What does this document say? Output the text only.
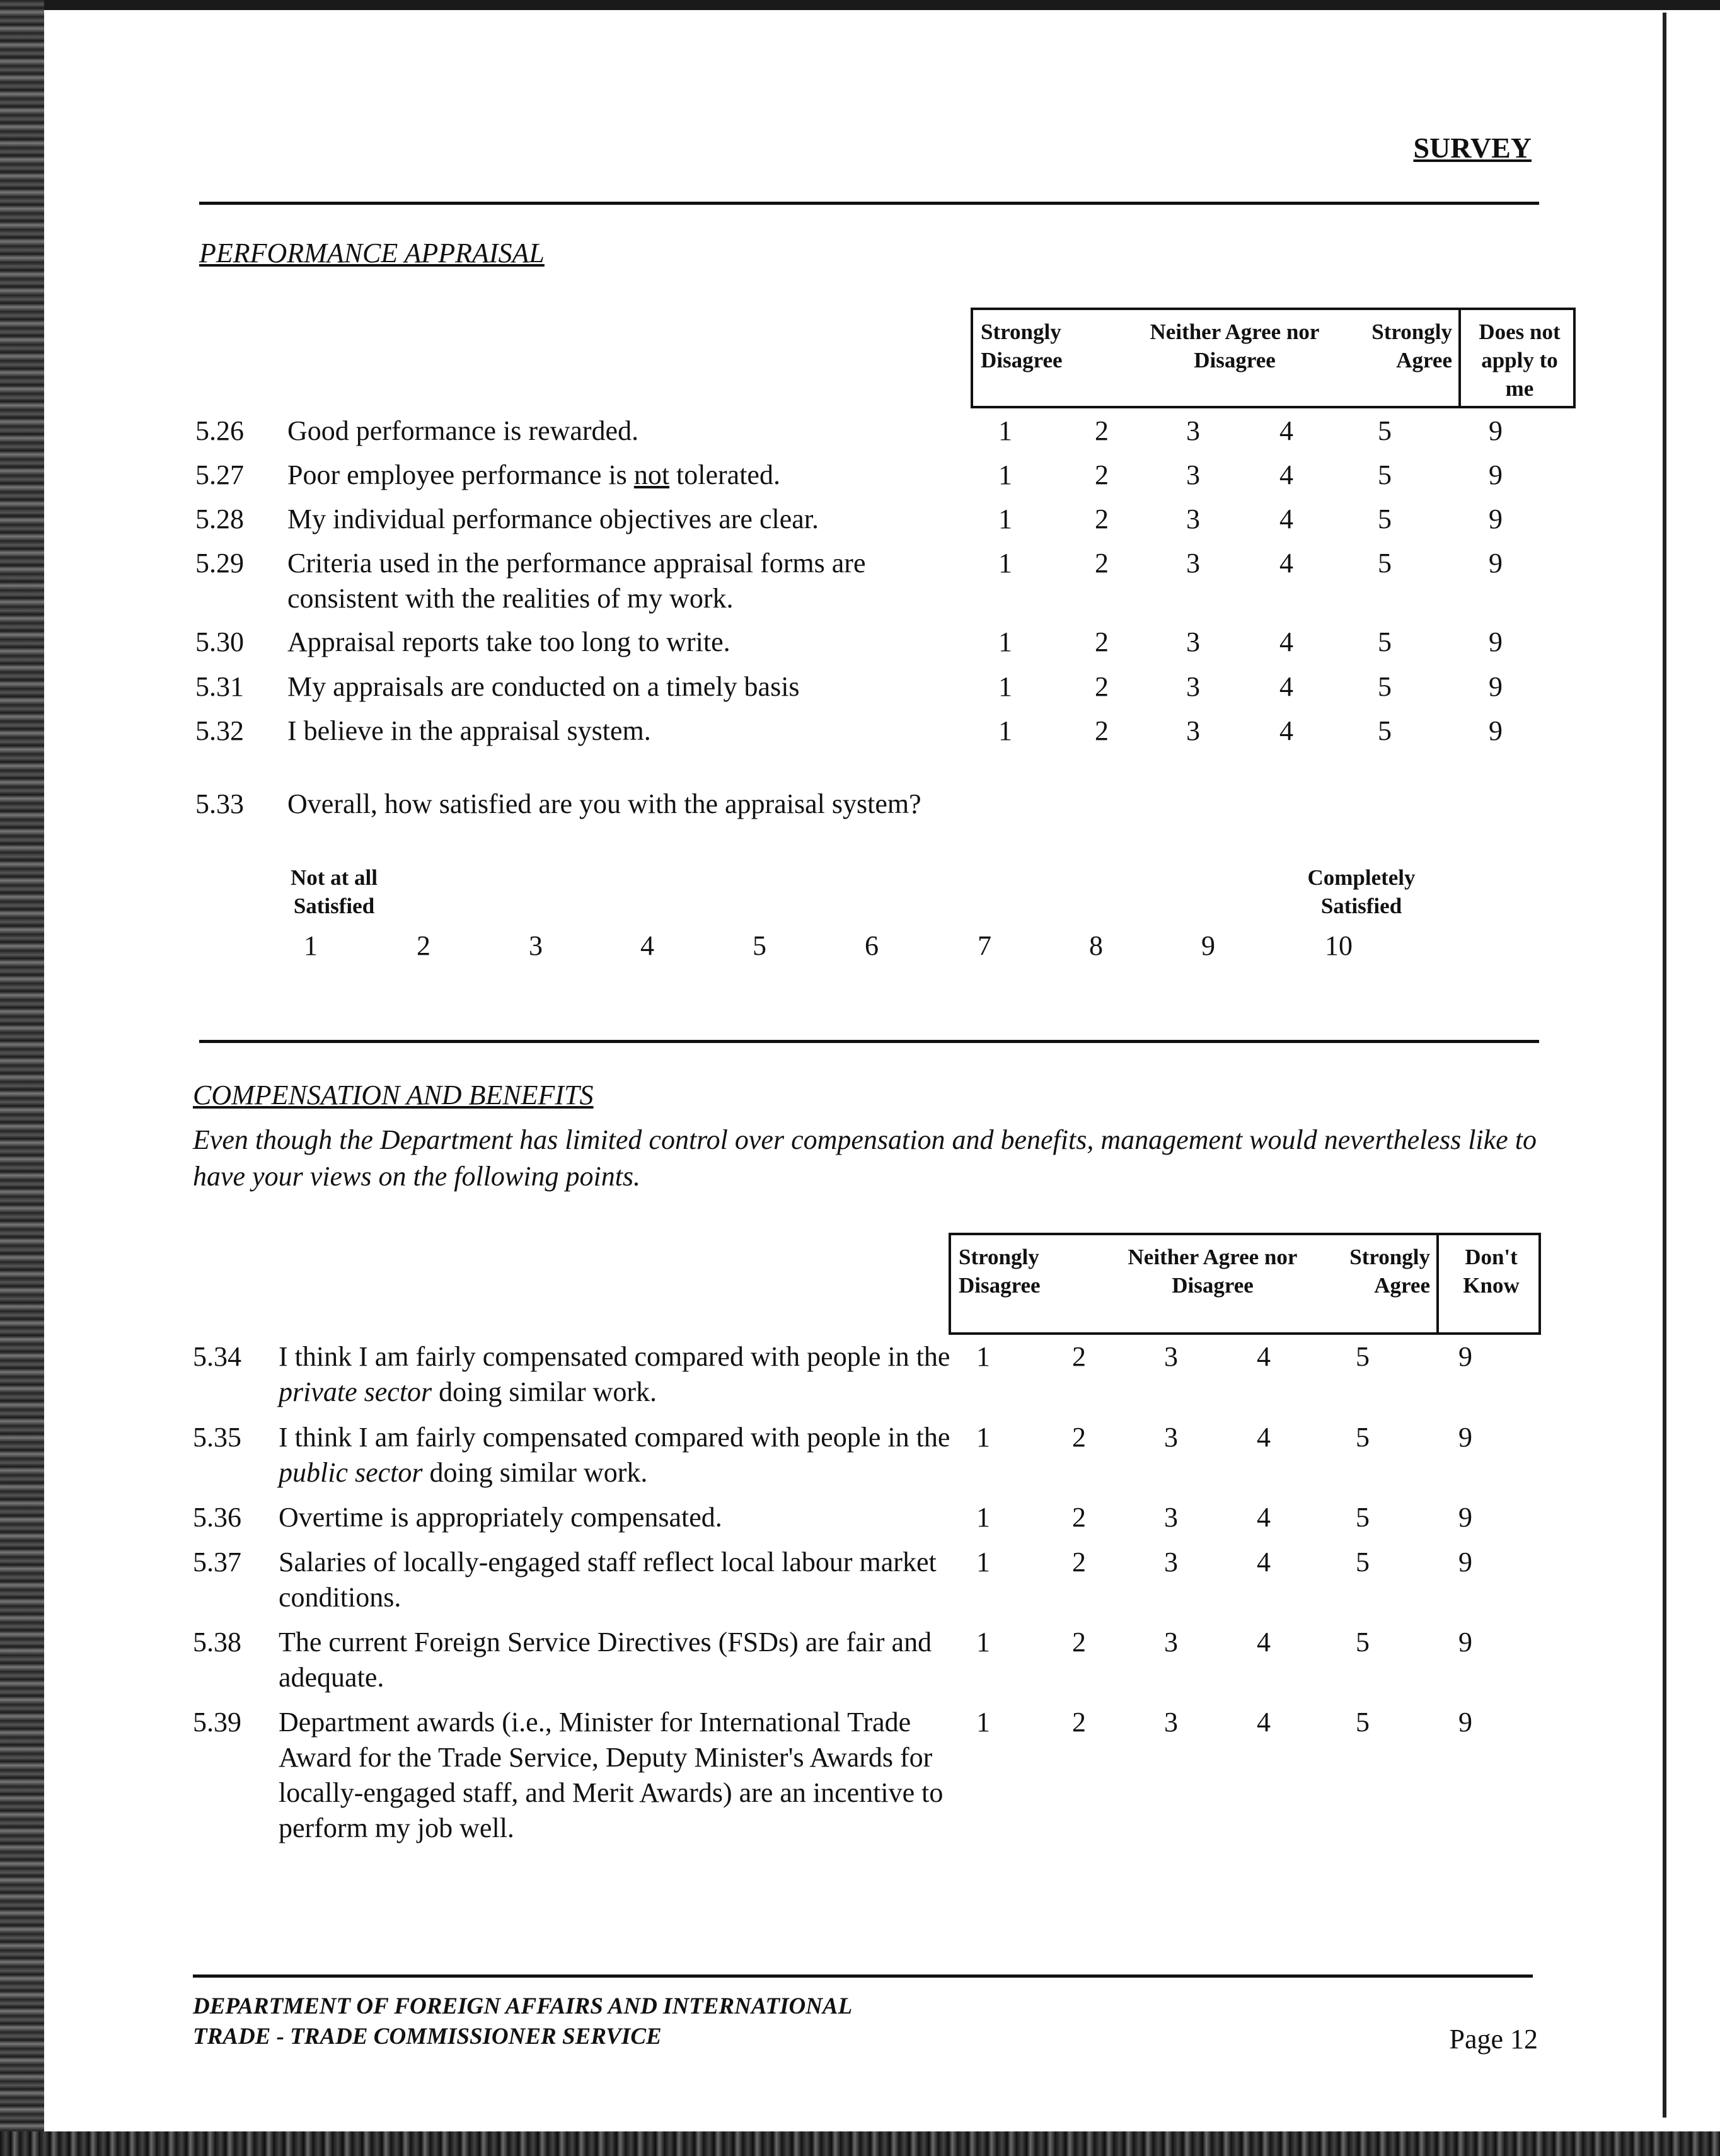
SURVEY
PERFORMANCE APPRAISAL
Strongly Disagree
Neither Agree nor Disagree
Strongly Agree
Does not apply to me
5.26 Good performance is rewarded.	1	2	3	4	5	9
5.27 Poor employee performance is not tolerated.	1	2	3	4	5	9
5.28 My individual performance objectives are clear.	1	2	3	4	5	9
5.29 Criteria used in the performance appraisal forms are consistent with the realities of my work.
1	2	3	4	5	9
5.30 Appraisal reports take too long to write.	1	2	3	4	5	9
5.31 My appraisals are conducted on a timely basis	1	2	3	4	5	9
5.32 I believe in the appraisal system.	1	2	3	4	5	9
5.33 Overall, how satisfied are you with the appraisal system?
Not at all Satisfied
Completely Satisfied
1	2	3	4	5	6	7	8	9	10
COMPENSATION AND BENEFITS
Even though the Department has limited control over compensation and benefits, management would nevertheless like to have your views on the following points.
Strongly Disagree
Neither Agree nor Disagree
Strongly Agree
Don't Know
5.34 I think I am fairly compensated compared with people in the private sector doing similar work.
1	2	3	4	5	9
5.35 I think I am fairly compensated compared with people in the public sector doing similar work.
1	2	3	4	5	9
5.36 Overtime is appropriately compensated.	1	2	3	4	5	9
5.37 Salaries of locally-engaged staff reflect local labour market conditions.
1	2	3	4	5	9
5.38 The current Foreign Service Directives (FSDs) are fair and adequate.
1	2	3	4	5	9
5.39 Department awards (i.e., Minister for International Trade Award for the Trade Service, Deputy Minister's Awards for locally-engaged staff, and Merit Awards) are an incentive to perform my job well.
1	2	3	4	5	9
DEPARTMENT OF FOREIGN AFFAIRS AND INTERNATIONAL
TRADE - TRADE COMMISSIONER SERVICE	Page 12
